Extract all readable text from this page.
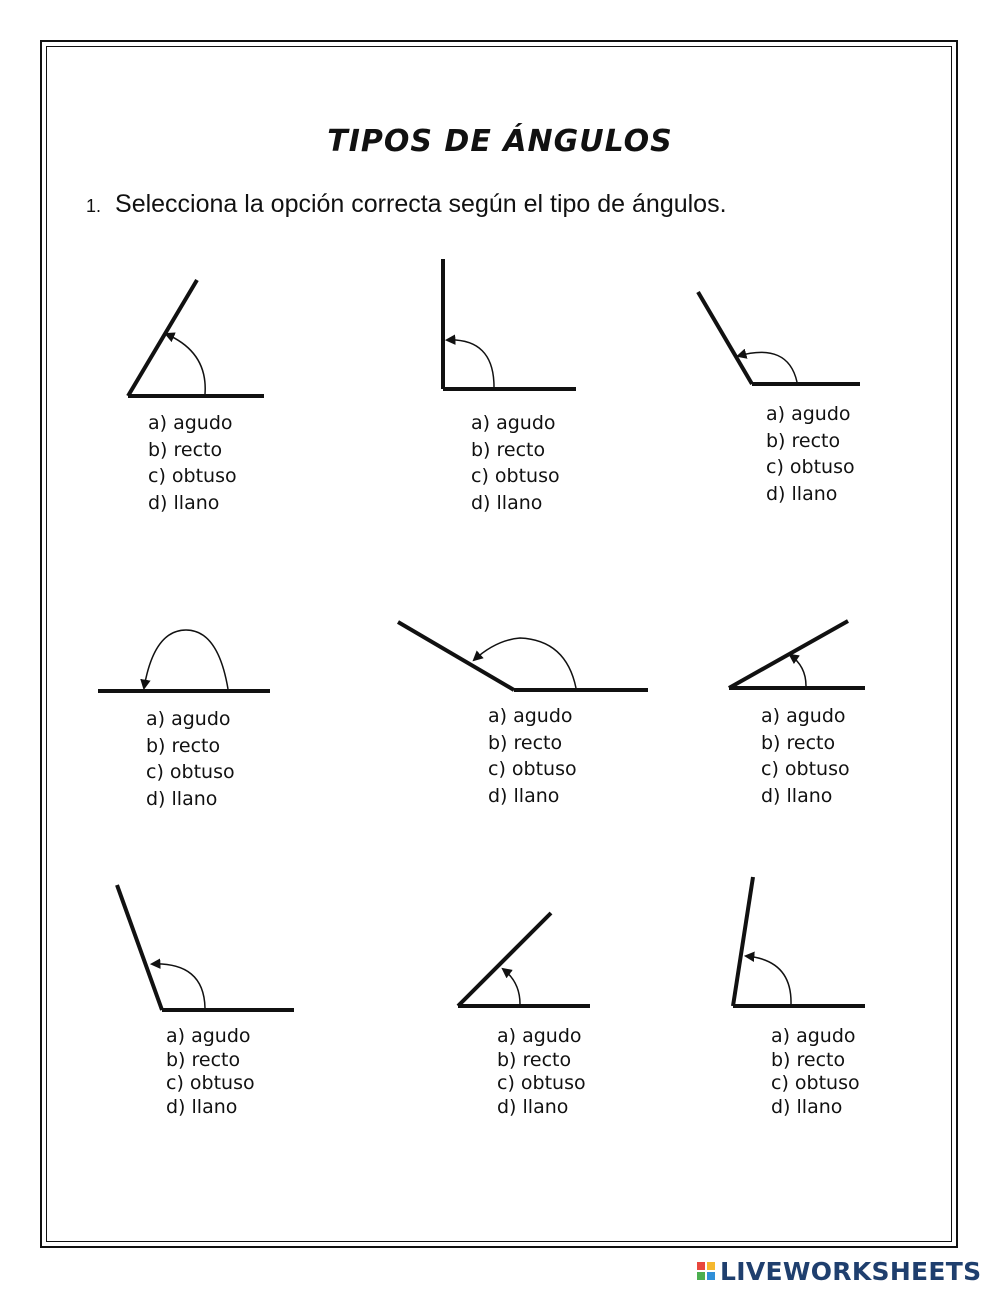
TIPOS DE ÁNGULOS
1. Selecciona la opción correcta según el tipo de ángulos.
a) agudo
b) recto
c) obtuso
d) llano
a) agudo
b) recto
c) obtuso
d) llano
a) agudo
b) recto
c) obtuso
d) llano
a) agudo
b) recto
c) obtuso
d) llano
a) agudo
b) recto
c) obtuso
d) llano
a) agudo
b) recto
c) obtuso
d) llano
a) agudo
b) recto
c) obtuso
d) llano
a) agudo
b) recto
c) obtuso
d) llano
a) agudo
b) recto
c) obtuso
d) llano
LIVEWORKSHEETS
